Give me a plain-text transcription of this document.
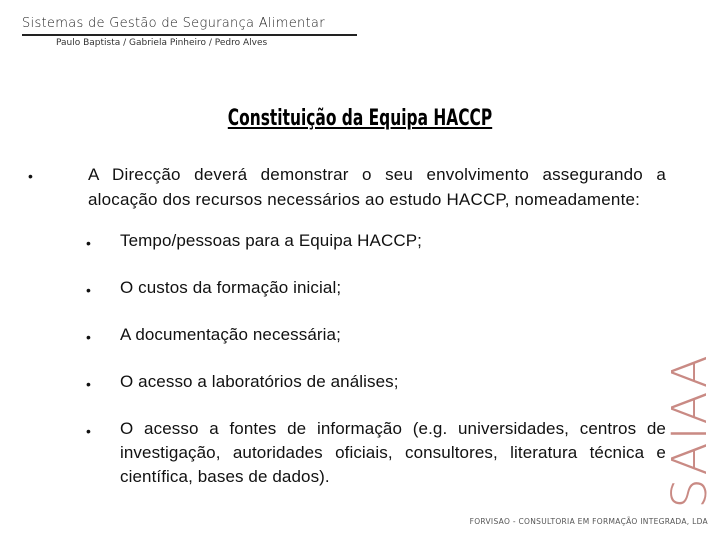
Sistemas de Gestão de Segurança Alimentar
Paulo Baptista / Gabriela Pinheiro / Pedro Alves
Constituição da Equipa HACCP
•	A Direcção deverá demonstrar o seu envolvimento assegurando a alocação dos recursos necessários ao estudo HACCP, nomeadamente:
• Tempo/pessoas para a Equipa HACCP;
• O custos da formação inicial;
• A documentação necessária;
• O acesso a laboratórios de análises;
• O acesso a fontes de informação (e.g. universidades, centros de investigação, autoridades oficiais, consultores, literatura técnica e científica, bases de dados).	SAIAA
FORVISAO - CONSULTORIA EM FORMAÇÃO INTEGRADA, LDA
